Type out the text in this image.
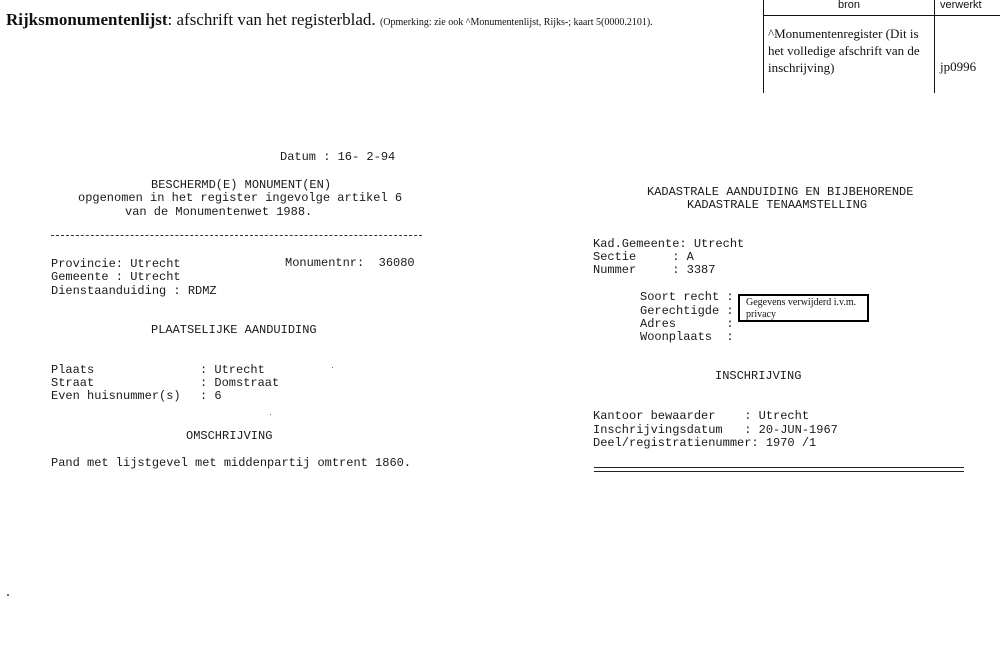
Rijksmonumentenlijst: afschrift van het registerblad. (Opmerking: zie ook ^Monumentenlijst, Rijks-; kaart 5(0000.2101).
bron	verwerkt
^Monumentenregister (Dit is het volledige afschrift van de inschrijving)	jp0996
Datum : 16- 2-94
BESCHERMD(E) MONUMENT(EN)
opgenomen in het register ingevolge artikel 6
van de Monumentenwet 1988.
Provincie: Utrecht	Monumentnr:  36080
Gemeente : Utrecht
Dienstaanduiding : RDMZ
PLAATSELIJKE AANDUIDING
Plaats	: Utrecht
Straat	: Domstraat
Even huisnummer(s) : 6
OMSCHRIJVING
Pand met lijstgevel met middenpartij omtrent 1860.
KADASTRALE AANDUIDING EN BIJBEHORENDE
KADASTRALE TENAAMSTELLING
Kad.Gemeente: Utrecht
Sectie     : A
Nummer     : 3387
Soort recht :
Gerechtigde :
Adres       :
Woonplaats  :
Gegevens verwijderd i.v.m. privacy
INSCHRIJVING
Kantoor bewaarder    : Utrecht
Inschrijvingsdatum   : 20-JUN-1967
Deel/registratienummer: 1970 /1
